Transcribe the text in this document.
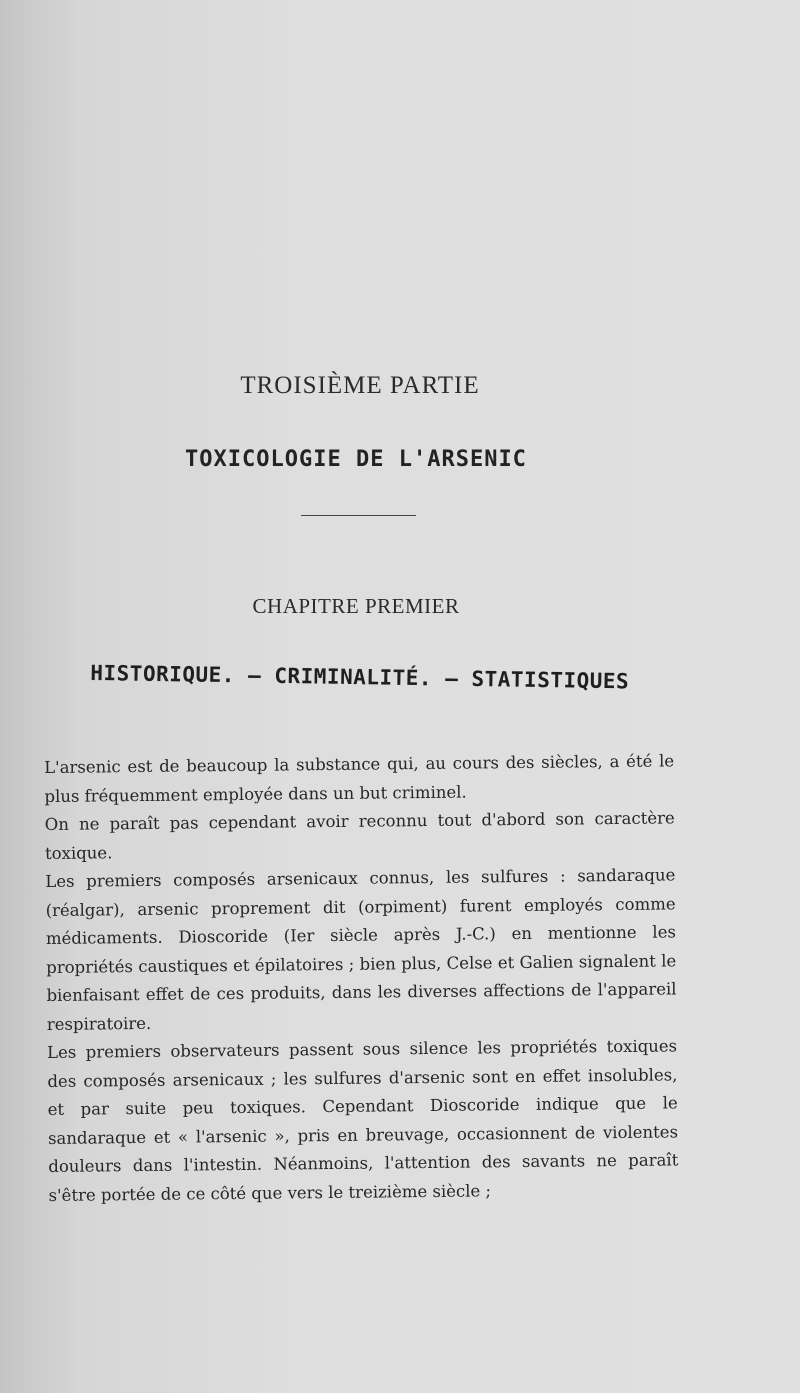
TROISIÈME PARTIE
TOXICOLOGIE DE L'ARSENIC
CHAPITRE PREMIER
HISTORIQUE. — CRIMINALITÉ. — STATISTIQUES

L'arsenic est de beaucoup la substance qui, au cours des siècles, a été le plus fréquemment employée dans un but criminel.

On ne paraît pas cependant avoir reconnu tout d'abord son caractère toxique.

Les premiers composés arsenicaux connus, les sulfures : sandaraque (réalgar), arsenic proprement dit (orpiment) furent employés comme médicaments. Dioscoride (Ier siècle après J.-C.) en mentionne les propriétés caustiques et épilatoires ; bien plus, Celse et Galien signalent le bienfaisant effet de ces produits, dans les diverses affections de l'appareil respiratoire.

Les premiers observateurs passent sous silence les propriétés toxiques des composés arsenicaux ; les sulfures d'arsenic sont en effet insolubles, et par suite peu toxiques. Cependant Dioscoride indique que le sandaraque et « l'arsenic », pris en breuvage, occasionnent de violentes douleurs dans l'intestin. Néanmoins, l'attention des savants ne paraît s'être portée de ce côté que vers le treizième siècle ;
